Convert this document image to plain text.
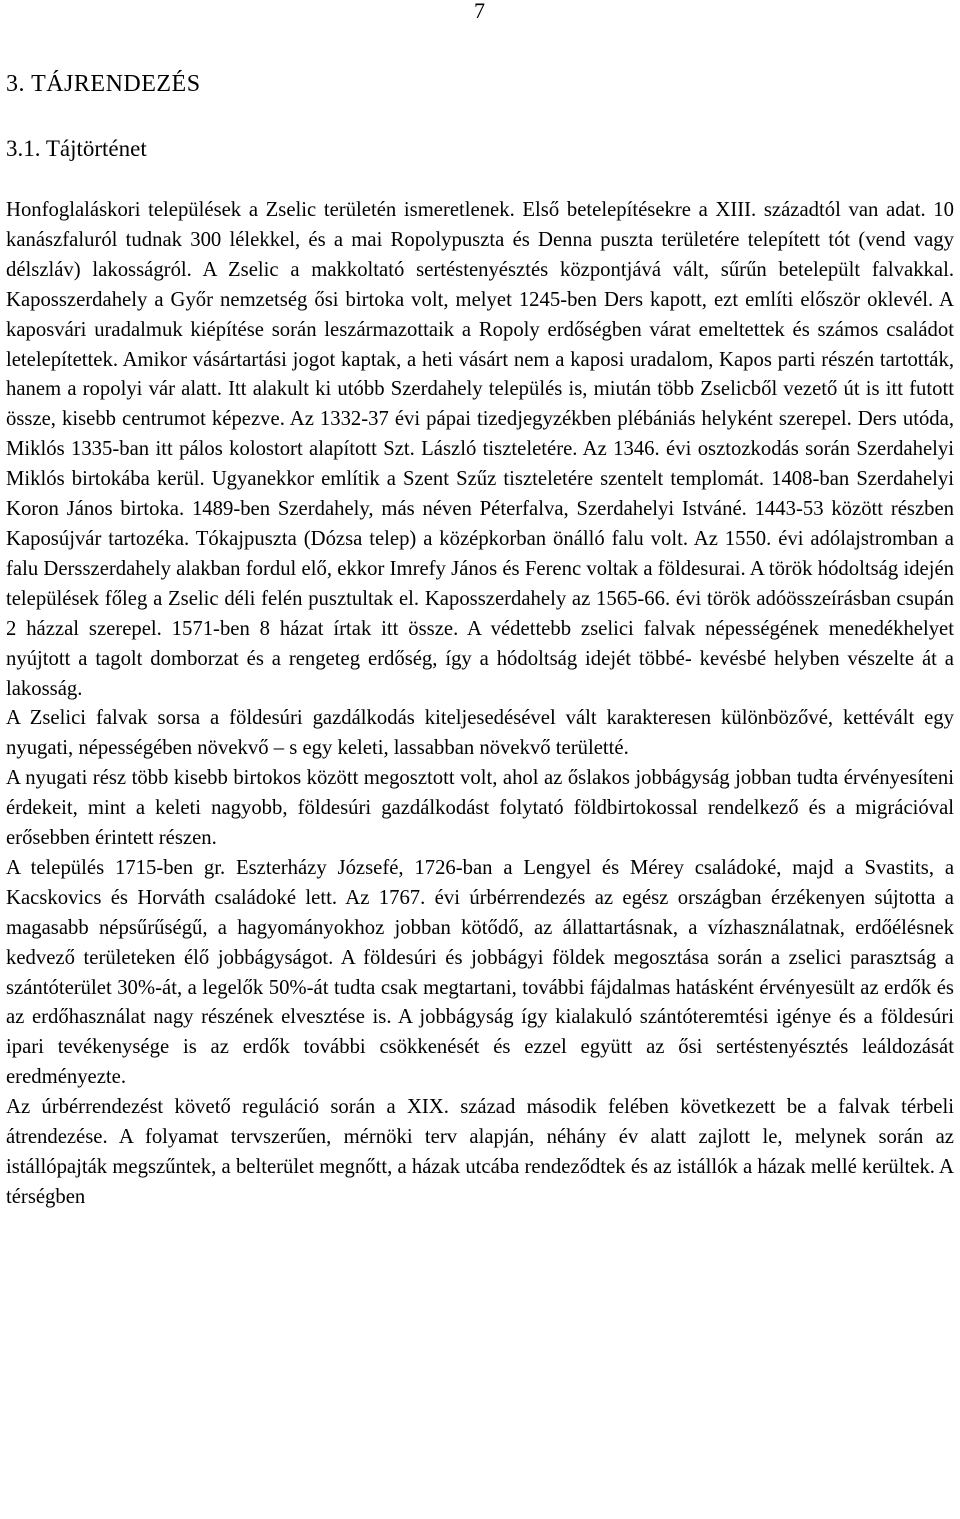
7
3. TÁJRENDEZÉS
3.1. Tájtörténet

Honfoglaláskori települések a Zselic területén ismeretlenek. Első betelepítésekre a XIII. századtól van adat. 10 kanászfaluról tudnak 300 lélekkel, és a mai Ropolypuszta és Denna puszta területére telepített tót (vend vagy délszláv) lakosságról. A Zselic a makkoltató sertéstenyésztés központjává vált, sűrűn betelepült falvakkal. Kaposszerdahely a Győr nemzetség ősi birtoka volt, melyet 1245-ben Ders kapott, ezt említi először oklevél. A kaposvári uradalmuk kiépítése során leszármazottaik a Ropoly erdőségben várat emeltettek és számos családot letelepítettek. Amikor vásártartási jogot kaptak, a heti vásárt nem a kaposi uradalom, Kapos parti részén tartották, hanem a ropolyi vár alatt. Itt alakult ki utóbb Szerdahely település is, miután több Zselicből vezető út is itt futott össze, kisebb centrumot képezve. Az 1332-37 évi pápai tizedjegyzékben plébániás helyként szerepel. Ders utóda, Miklós 1335-ban itt pálos kolostort alapított Szt. László tiszteletére. Az 1346. évi osztozkodás során Szerdahelyi Miklós birtokába kerül. Ugyanekkor említik a Szent Szűz tiszteletére szentelt templomát. 1408-ban Szerdahelyi Koron János birtoka. 1489-ben Szerdahely, más néven Péterfalva, Szerdahelyi Istváné. 1443-53 között részben Kaposújvár tartozéka. Tókajpuszta (Dózsa telep) a középkorban önálló falu volt. Az 1550. évi adólajstromban a falu Dersszerdahely alakban fordul elő, ekkor Imrefy János és Ferenc voltak a földesurai. A török hódoltság idején települések főleg a Zselic déli felén pusztultak el. Kaposszerdahely az 1565-66. évi török adóösszeírásban csupán 2 házzal szerepel. 1571-ben 8 házat írtak itt össze. A védettebb zselici falvak népességének menedékhelyet nyújtott a tagolt domborzat és a rengeteg erdőség, így a hódoltság idejét többé- kevésbé helyben vészelte át a lakosság.

A Zselici falvak sorsa a földesúri gazdálkodás kiteljesedésével vált karakteresen különbözővé, kettévált egy nyugati, népességében növekvő – s egy keleti, lassabban növekvő területté.

A nyugati rész több kisebb birtokos között megosztott volt, ahol az őslakos jobbágyság jobban tudta érvényesíteni érdekeit, mint a keleti nagyobb, földesúri gazdálkodást folytató földbirtokossal rendelkező és a migrációval erősebben érintett részen.

A település 1715-ben gr. Eszterházy Józsefé, 1726-ban a Lengyel és Mérey családoké, majd a Svastits, a Kacskovics és Horváth családoké lett. Az 1767. évi úrbérrendezés az egész országban érzékenyen sújtotta a magasabb népsűrűségű, a hagyományokhoz jobban kötődő, az állattartásnak, a vízhasználatnak, erdőélésnek kedvező területeken élő jobbágyságot. A földesúri és jobbágyi földek megosztása során a zselici parasztság a szántóterület 30%-át, a legelők 50%-át tudta csak megtartani, további fájdalmas hatásként érvényesült az erdők és az erdőhasználat nagy részének elvesztése is. A jobbágyság így kialakuló szántóteremtési igénye és a földesúri ipari tevékenysége is az erdők további csökkenését és ezzel együtt az ősi sertéstenyésztés leáldozását eredményezte.

Az úrbérrendezést követő reguláció során a XIX. század második felében következett be a falvak térbeli átrendezése. A folyamat tervszerűen, mérnöki terv alapján, néhány év alatt zajlott le, melynek során az istállópajták megszűntek, a belterület megnőtt, a házak utcába rendeződtek és az istállók a házak mellé kerültek. A térségben
